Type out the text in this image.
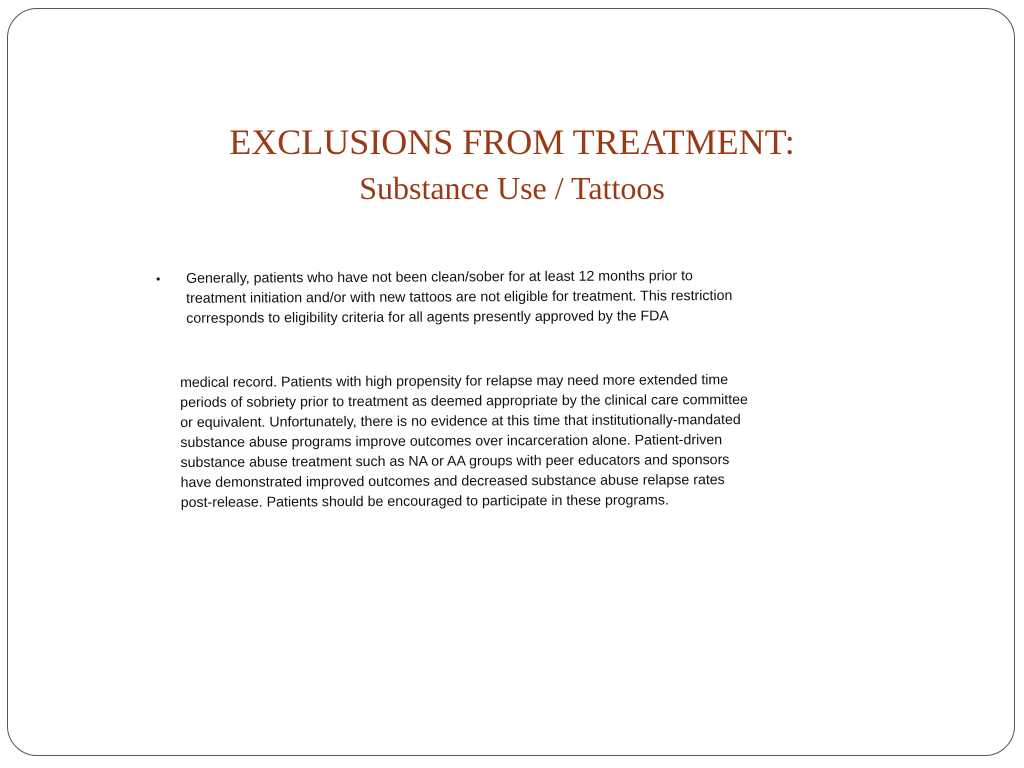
EXCLUSIONS FROM TREATMENT:
Substance Use / Tattoos
•	Generally, patients who have not been clean/sober for at least 12 months prior to
treatment initiation and/or with new tattoos are not eligible for treatment. This restriction
corresponds to eligibility criteria for all agents presently approved by the FDA
medical record. Patients with high propensity for relapse may need more extended time
periods of sobriety prior to treatment as deemed appropriate by the clinical care committee
or equivalent. Unfortunately, there is no evidence at this time that institutionally-mandated
substance abuse programs improve outcomes over incarceration alone. Patient-driven
substance abuse treatment such as NA or AA groups with peer educators and sponsors
have demonstrated improved outcomes and decreased substance abuse relapse rates
post-release. Patients should be encouraged to participate in these programs.
